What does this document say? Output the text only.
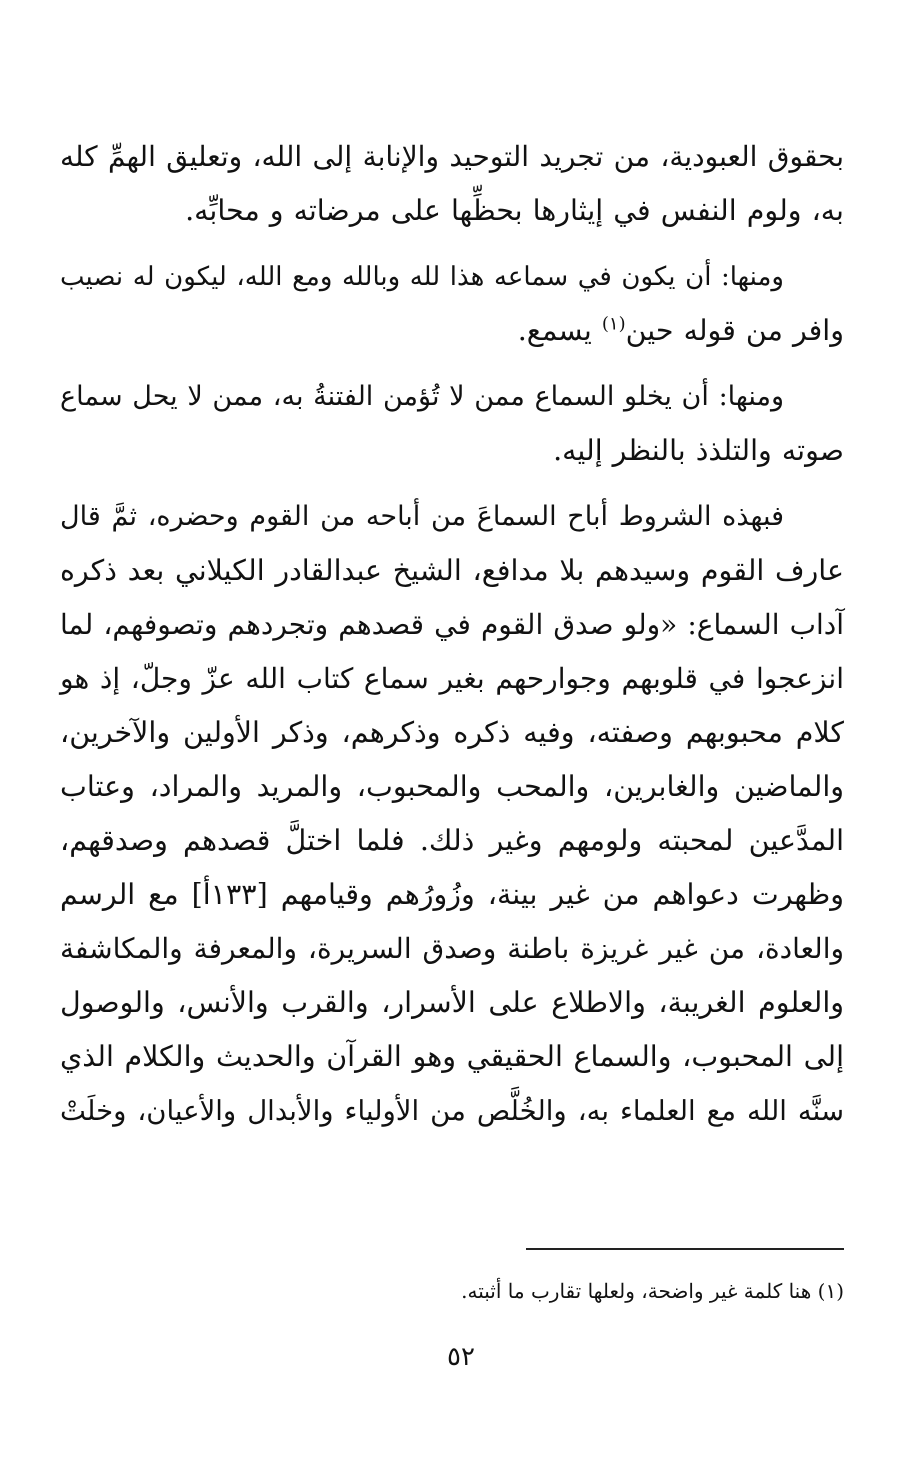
بحقوق العبودية، من تجريد التوحيد والإنابة إلى الله، وتعليق الهمِّ كله
به، ولوم النفس في إيثارها بحظِّها على مرضاته و محابِّه.

ومنها: أن يكون في سماعه هذا لله وبالله ومع الله، ليكون له نصيب
وافر من قوله حين$^{(١)}$ يسمع.

ومنها: أن يخلو السماع ممن لا تُؤمن الفتنةُ به، ممن لا يحل سماع
صوته والتلذذ بالنظر إليه.

فبهذه الشروط أباح السماعَ من أباحه من القوم وحضره، ثمَّ قال
عارف القوم وسيدهم بلا مدافع، الشيخ عبدالقادر الكيلاني بعد ذكره
آداب السماع: «ولو صدق القوم في قصدهم وتجردهم وتصوفهم، لما
انزعجوا في قلوبهم وجوارحهم بغير سماع كتاب الله عزّ وجلّ، إذ هو
كلام محبوبهم وصفته، وفيه ذكره وذكرهم، وذكر الأولين والآخرين،
والماضين والغابرين، والمحب والمحبوب، والمريد والمراد، وعتاب
المدَّعين لمحبته ولومهم وغير ذلك. فلما اختلَّ قصدهم وصدقهم،
وظهرت دعواهم من غير بينة، وزُورُهم وقيامهم [١٣٣أ] مع الرسم
والعادة، من غير غريزة باطنة وصدق السريرة، والمعرفة والمكاشفة
والعلوم الغريبة، والاطلاع على الأسرار، والقرب والأنس، والوصول
إلى المحبوب، والسماع الحقيقي وهو القرآن والحديث والكلام الذي
سنَّه الله مع العلماء به، والخُلَّص من الأولياء والأبدال والأعيان، وخلَتْ

(١) هنا كلمة غير واضحة، ولعلها تقارب ما أثبته.
٥٢
